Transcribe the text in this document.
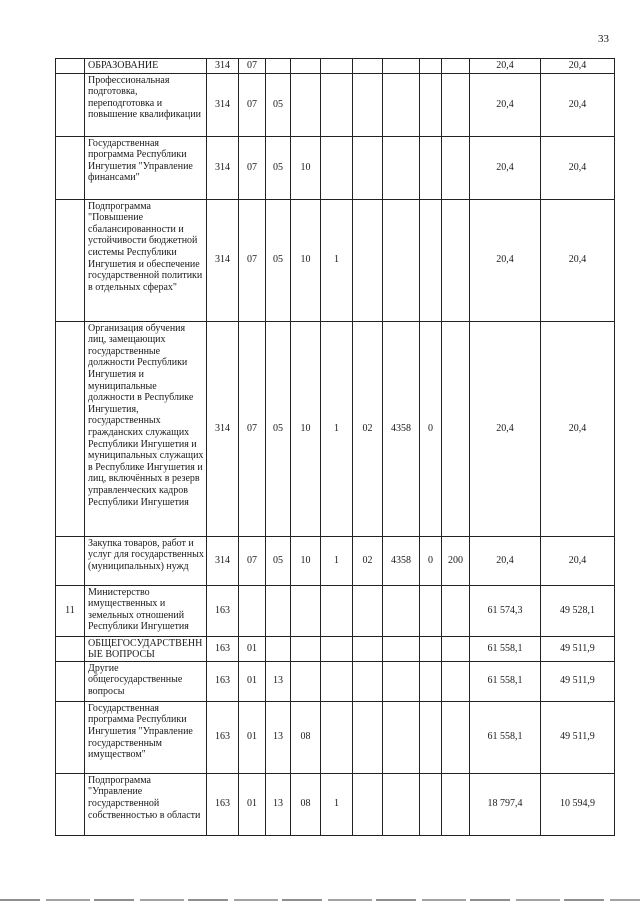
33
	ОБРАЗОВАНИЕ	314	07								20,4	20,4
	Профессиональная подготовка, переподготовка и повышение квалификации	314	07	05							20,4	20,4
	Государственная программа Республики Ингушетия "Управление финансами"	314	07	05	10						20,4	20,4
	Подпрограмма "Повышение сбалансированности и устойчивости бюджетной системы Республики Ингушетия и обеспечение государственной политики в отдельных сферах"	314	07	05	10	1					20,4	20,4
	Организация обучения лиц, замещающих государственные должности Республики Ингушетия и муниципальные должности в Республике Ингушетия, государственных гражданских служащих Республики Ингушетия и муниципальных служащих в Республике Ингушетия и лиц, включённых в резерв управленческих кадров Республики Ингушетия	314	07	05	10	1	02	4358	0		20,4	20,4
	Закупка товаров, работ и услуг для государственных (муниципальных) нужд	314	07	05	10	1	02	4358	0	200	20,4	20,4
11	Министерство имущественных и земельных отношений Республики Ингушетия	163									61 574,3	49 528,1
	ОБЩЕГОСУДАРСТВЕННЫЕ ВОПРОСЫ	163	01								61 558,1	49 511,9
	Другие общегосударственные вопросы	163	01	13							61 558,1	49 511,9
	Государственная программа Республики Ингушетия "Управление государственным имуществом"	163	01	13	08						61 558,1	49 511,9
	Подпрограмма "Управление государственной собственностью в области	163	01	13	08	1					18 797,4	10 594,9
